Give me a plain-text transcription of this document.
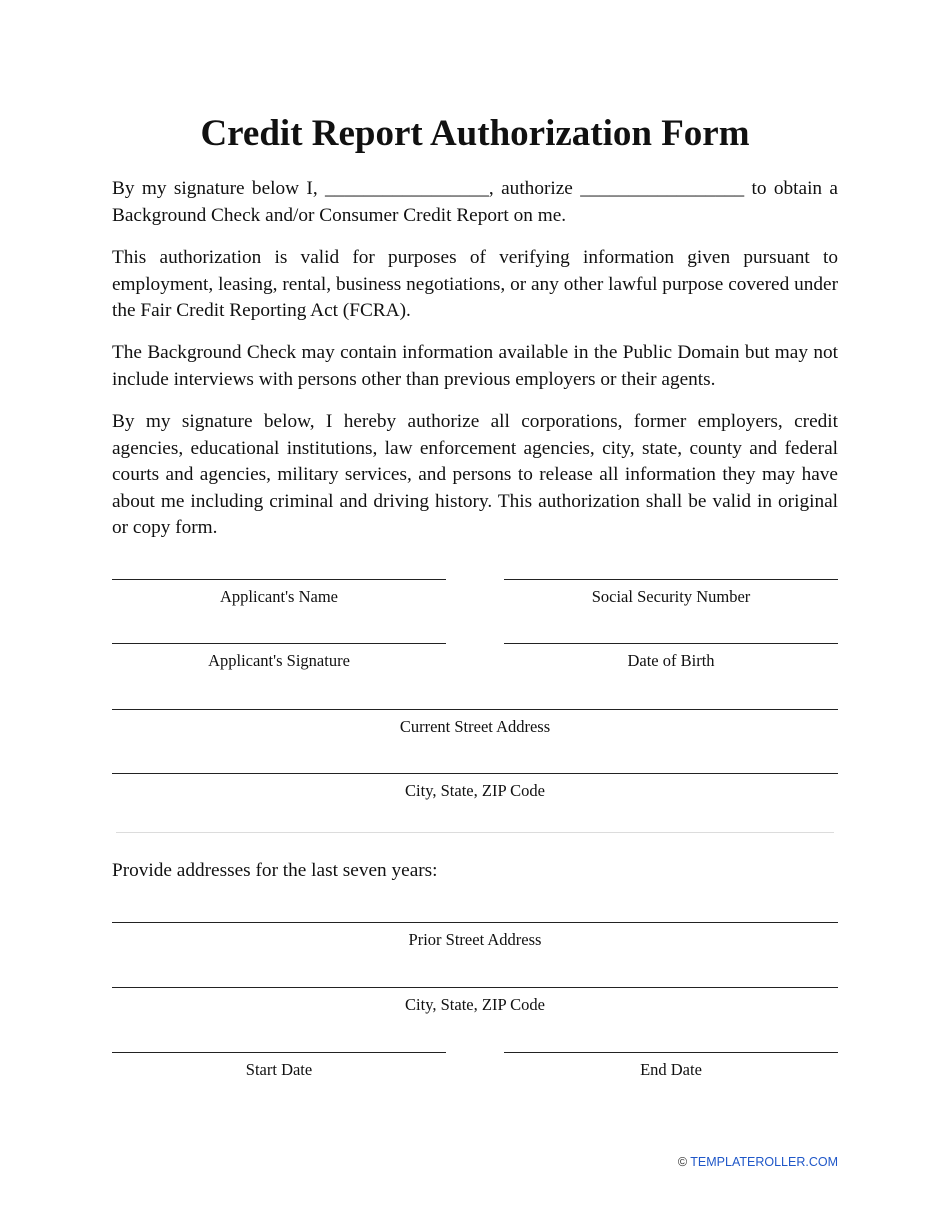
Credit Report Authorization Form

By my signature below I, _________________, authorize _________________ to obtain a Background Check and/or Consumer Credit Report on me.

This authorization is valid for purposes of verifying information given pursuant to employment, leasing, rental, business negotiations, or any other lawful purpose covered under the Fair Credit Reporting Act (FCRA).

The Background Check may contain information available in the Public Domain but may not include interviews with persons other than previous employers or their agents.

By my signature below, I hereby authorize all corporations, former employers, credit agencies, educational institutions, law enforcement agencies, city, state, county and federal courts and agencies, military services, and persons to release all information they may have about me including criminal and driving history. This authorization shall be valid in original or copy form.

Applicant's Name	Social Security Number
Applicant's Signature	Date of Birth
Current Street Address
City, State, ZIP Code
Provide addresses for the last seven years:
Prior Street Address
City, State, ZIP Code
Start Date	End Date
© TEMPLATEROLLER.COM
